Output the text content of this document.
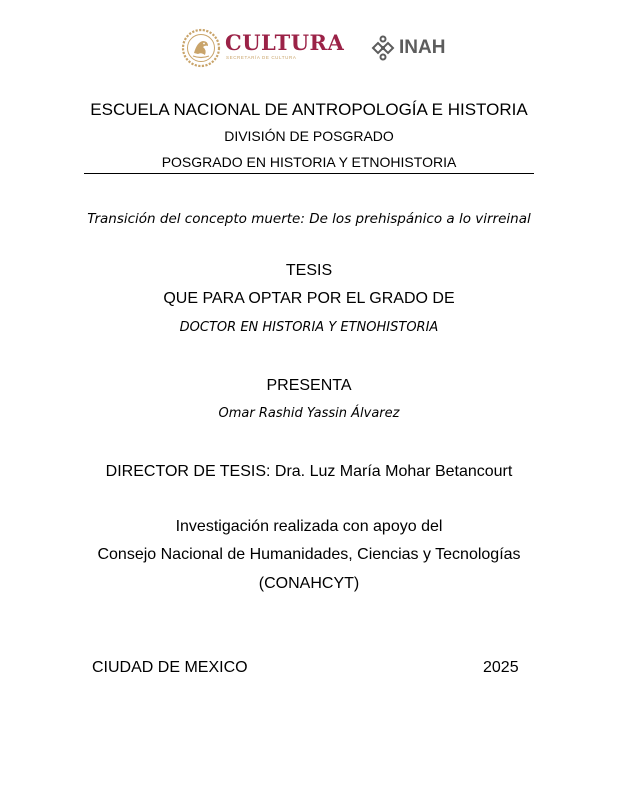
CULTURA
SECRETARÍA DE CULTURA	INAH
ESCUELA NACIONAL DE ANTROPOLOGÍA E HISTORIA
DIVISIÓN DE POSGRADO
POSGRADO EN HISTORIA Y ETNOHISTORIA
Transición del concepto muerte: De los prehispánico a lo virreinal
TESIS
QUE PARA OPTAR POR EL GRADO DE
DOCTOR EN HISTORIA Y ETNOHISTORIA
PRESENTA
Omar Rashid Yassin Álvarez
DIRECTOR DE TESIS: Dra. Luz María Mohar Betancourt
Investigación realizada con apoyo del
Consejo Nacional de Humanidades, Ciencias y Tecnologías
(CONAHCYT)
CIUDAD DE MEXICO	2025
